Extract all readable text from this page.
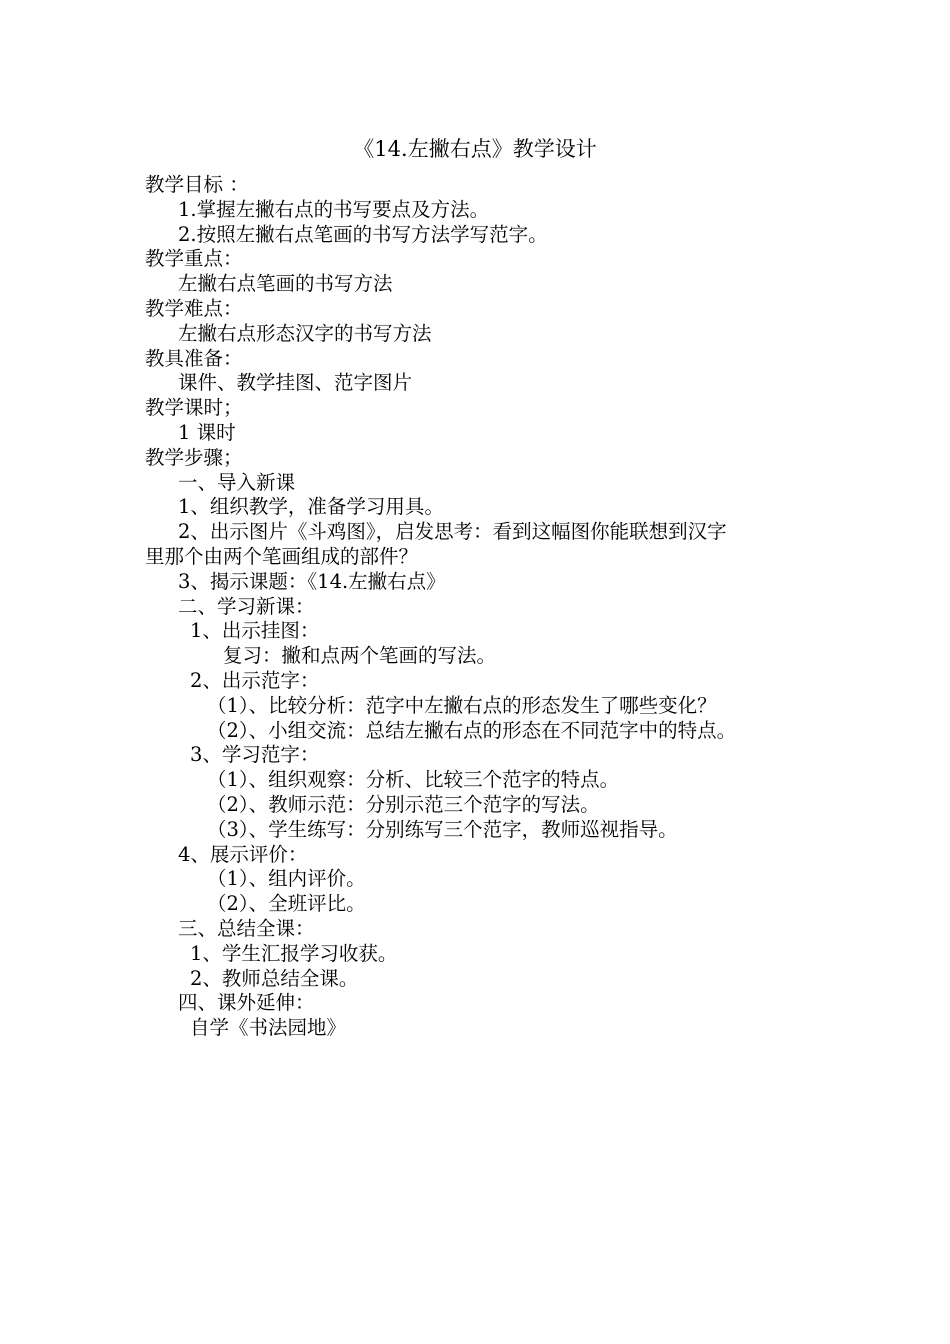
《14.左撇右点》教学设计
教学目标 ：
1.掌握左撇右点的书写要点及方法。
2.按照左撇右点笔画的书写方法学写范字。
教学重点：
左撇右点笔画的书写方法
教学难点：
左撇右点形态汉字的书写方法
教具准备：
课件、教学挂图、范字图片
教学课时；
1 课时
教学步骤；
一、导入新课
1、组织教学，准备学习用具。
2、出示图片《斗鸡图》，启发思考：看到这幅图你能联想到汉字
里那个由两个笔画组成的部件？
3、揭示课题：《14.左撇右点》
二、学习新课：
1、出示挂图：
复习：撇和点两个笔画的写法。
2、出示范字：
（1）、比较分析：范字中左撇右点的形态发生了哪些变化？
（2）、小组交流：总结左撇右点的形态在不同范字中的特点。
3、学习范字：
（1）、组织观察：分析、比较三个范字的特点。
（2）、教师示范：分别示范三个范字的写法。
（3）、学生练写：分别练写三个范字，教师巡视指导。
4、展示评价：
（1）、组内评价。
（2）、全班评比。
三、总结全课：
1、学生汇报学习收获。
2、教师总结全课。
四、课外延伸：
自学《书法园地》
